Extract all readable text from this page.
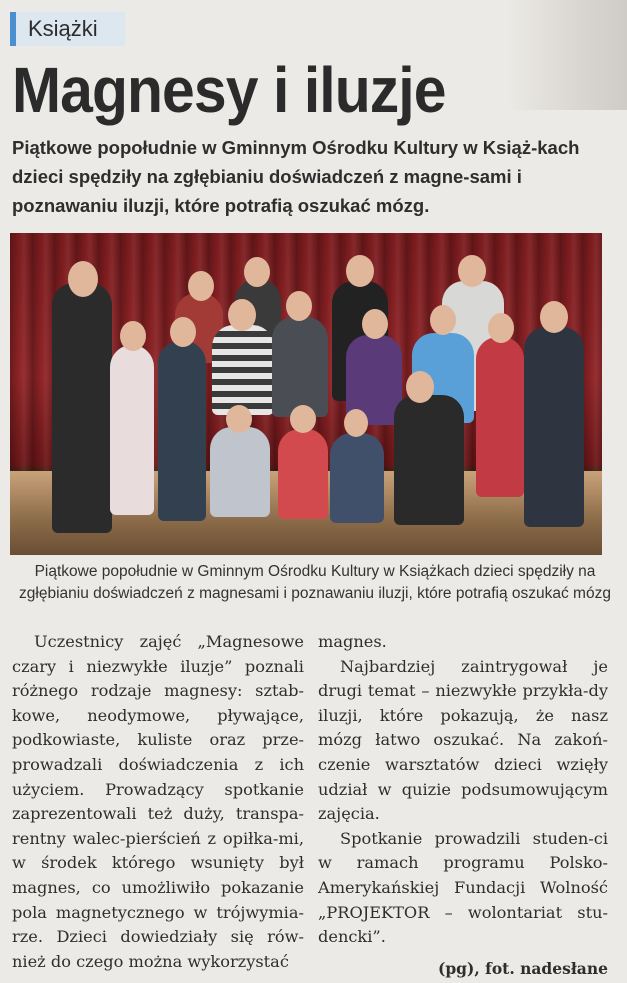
Książki
Magnesy i iluzje
Piątkowe popołudnie w Gminnym Ośrodku Kultury w Książ-kach dzieci spędziły na zgłębianiu doświadczeń z magne-sami i poznawaniu iluzji, które potrafią oszukać mózg.
Piątkowe popołudnie w Gminnym Ośrodku Kultury w Książkach dzieci spędziły na zgłębianiu doświadczeń z magnesami i poznawaniu iluzji, które potrafią oszukać mózg

Uczestnicy zajęć „Magnesowe czary i niezwykłe iluzje” poznali różnego rodzaje magnesy: sztab-kowe, neodymowe, pływające, podkowiaste, kuliste oraz prze-prowadzali doświadczenia z ich użyciem. Prowadzący spotkanie zaprezentowali też duży, transpa-rentny walec-pierścień z opiłka-mi, w środek którego wsunięty był magnes, co umożliwiło pokazanie pola magnetycznego w trójwymia-rze. Dzieci dowiedziały się rów-nież do czego można wykorzystać

magnes.

Najbardziej zaintrygował je drugi temat – niezwykłe przykła-dy iluzji, które pokazują, że nasz mózg łatwo oszukać. Na zakoń-czenie warsztatów dzieci wzięły udział w quizie podsumowującym zajęcia.

Spotkanie prowadzili studen-ci w ramach programu Polsko-Amerykańskiej Fundacji Wolność „PROJEKTOR – wolontariat stu-dencki”.

(pg), fot. nadesłane
